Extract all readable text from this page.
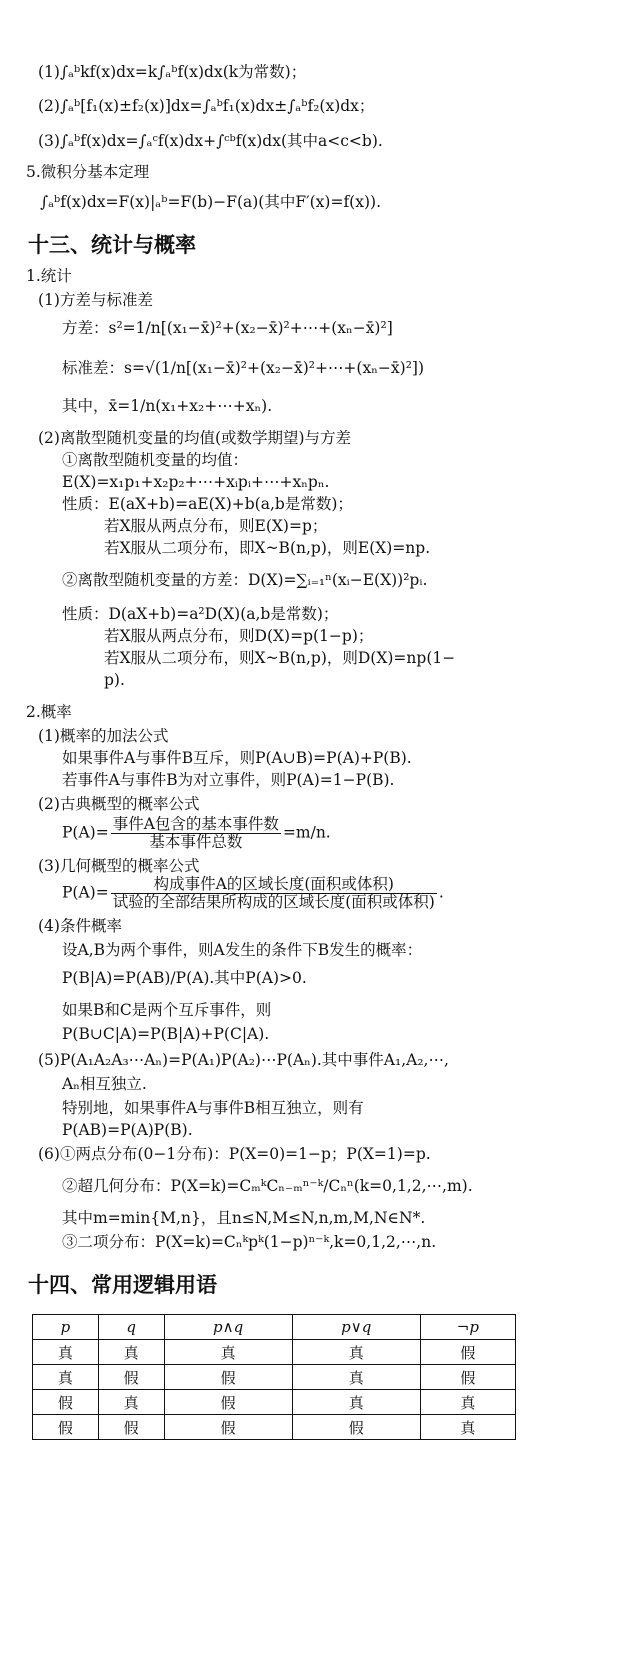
(1)∫ₐᵇkf(x)dx=k∫ₐᵇf(x)dx(k为常数)；
(2)∫ₐᵇ[f₁(x)±f₂(x)]dx=∫ₐᵇf₁(x)dx±∫ₐᵇf₂(x)dx；
(3)∫ₐᵇf(x)dx=∫ₐᶜf(x)dx+∫ᶜᵇf(x)dx(其中a<c<b).
5.微积分基本定理
∫ₐᵇf(x)dx=F(x)|ₐᵇ=F(b)−F(a)(其中F′(x)=f(x)).
十三、统计与概率
1.统计
(1)方差与标准差
方差：s²=1/n[(x₁−x̄)²+(x₂−x̄)²+⋯+(xₙ−x̄)²]
标准差：s=√(1/n[(x₁−x̄)²+(x₂−x̄)²+⋯+(xₙ−x̄)²])
其中，x̄=1/n(x₁+x₂+⋯+xₙ).
(2)离散型随机变量的均值(或数学期望)与方差
①离散型随机变量的均值：
E(X)=x₁p₁+x₂p₂+⋯+xᵢpᵢ+⋯+xₙpₙ.
性质：E(aX+b)=aE(X)+b(a,b是常数)；
若X服从两点分布，则E(X)=p；
若X服从二项分布，即X~B(n,p)，则E(X)=np.
②离散型随机变量的方差：D(X)=∑ᵢ₌₁ⁿ(xᵢ−E(X))²pᵢ.
性质：D(aX+b)=a²D(X)(a,b是常数)；
若X服从两点分布，则D(X)=p(1−p)；
若X服从二项分布，则X~B(n,p)，则D(X)=np(1−
p).
2.概率
(1)概率的加法公式
如果事件A与事件B互斥，则P(A∪B)=P(A)+P(B).
若事件A与事件B为对立事件，则P(A)=1−P(B).
(2)古典概型的概率公式
$P(A)= \frac{\text{事件A包含的基本事件数}}{\text{基本事件总数}} =m/n$.
(3)几何概型的概率公式
$P(A)= \frac{\text{构成事件A的区域长度(面积或体积)}}{\text{试验的全部结果所构成的区域长度(面积或体积)}}$ .
(4)条件概率
设A,B为两个事件，则A发生的条件下B发生的概率：
P(B|A)=P(AB)/P(A).其中P(A)>0.
如果B和C是两个互斥事件，则
P(B∪C|A)=P(B|A)+P(C|A).
(5)P(A₁A₂A₃⋯Aₙ)=P(A₁)P(A₂)⋯P(Aₙ).其中事件A₁,A₂,⋯,
Aₙ相互独立.
特别地，如果事件A与事件B相互独立，则有
P(AB)=P(A)P(B).
(6)①两点分布(0−1分布)：P(X=0)=1−p；P(X=1)=p.
②超几何分布：P(X=k)=CₘᵏCₙ₋ₘⁿ⁻ᵏ/Cₙⁿ(k=0,1,2,⋯,m).
其中m=min{M,n}，且n≤N,M≤N,n,m,M,N∈N*.
③二项分布：P(X=k)=Cₙᵏpᵏ(1−p)ⁿ⁻ᵏ,k=0,1,2,⋯,n.
十四、常用逻辑用语
p	q	p∧q	p∨q	¬p
真	真	真	真	假
真	假	假	真	假
假	真	假	真	真
假	假	假	假	真
